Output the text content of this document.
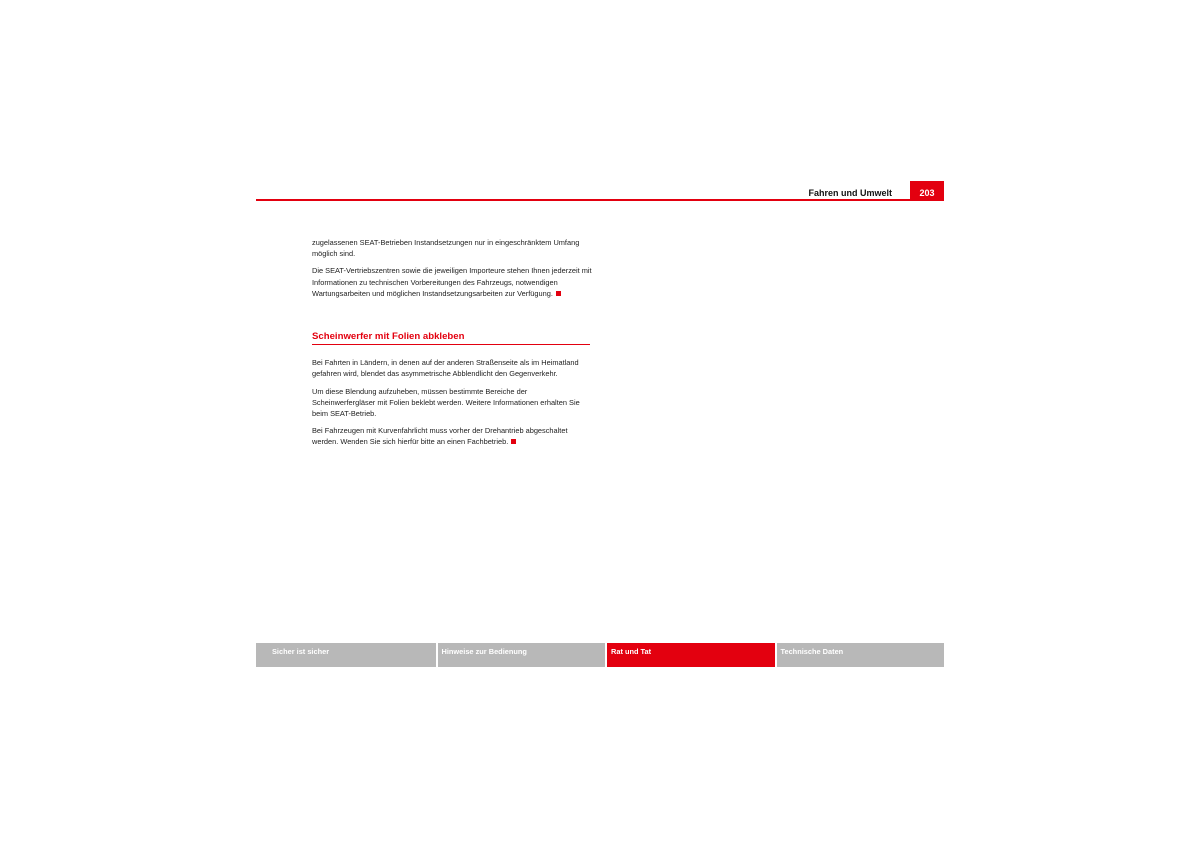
Fahren und Umwelt	203

zugelassenen SEAT-Betrieben Instandsetzungen nur in eingeschränktem Umfang möglich sind.

Die SEAT-Vertriebszentren sowie die jeweiligen Importeure stehen Ihnen jederzeit mit Informationen zu technischen Vorbereitungen des Fahrzeugs, notwendigen Wartungsarbeiten und möglichen Instandsetzungsarbeiten zur Verfügung.

Scheinwerfer mit Folien abkleben

Bei Fahrten in Ländern, in denen auf der anderen Straßenseite als im Heimatland gefahren wird, blendet das asymmetrische Abblendlicht den Gegenverkehr.

Um diese Blendung aufzuheben, müssen bestimmte Bereiche der Scheinwerfergläser mit Folien beklebt werden. Weitere Informationen erhalten Sie beim SEAT-Betrieb.

Bei Fahrzeugen mit Kurvenfahrlicht muss vorher der Drehantrieb abgeschaltet werden. Wenden Sie sich hierfür bitte an einen Fachbetrieb.

Sicher ist sicher	Hinweise zur Bedienung	Rat und Tat	Technische Daten
